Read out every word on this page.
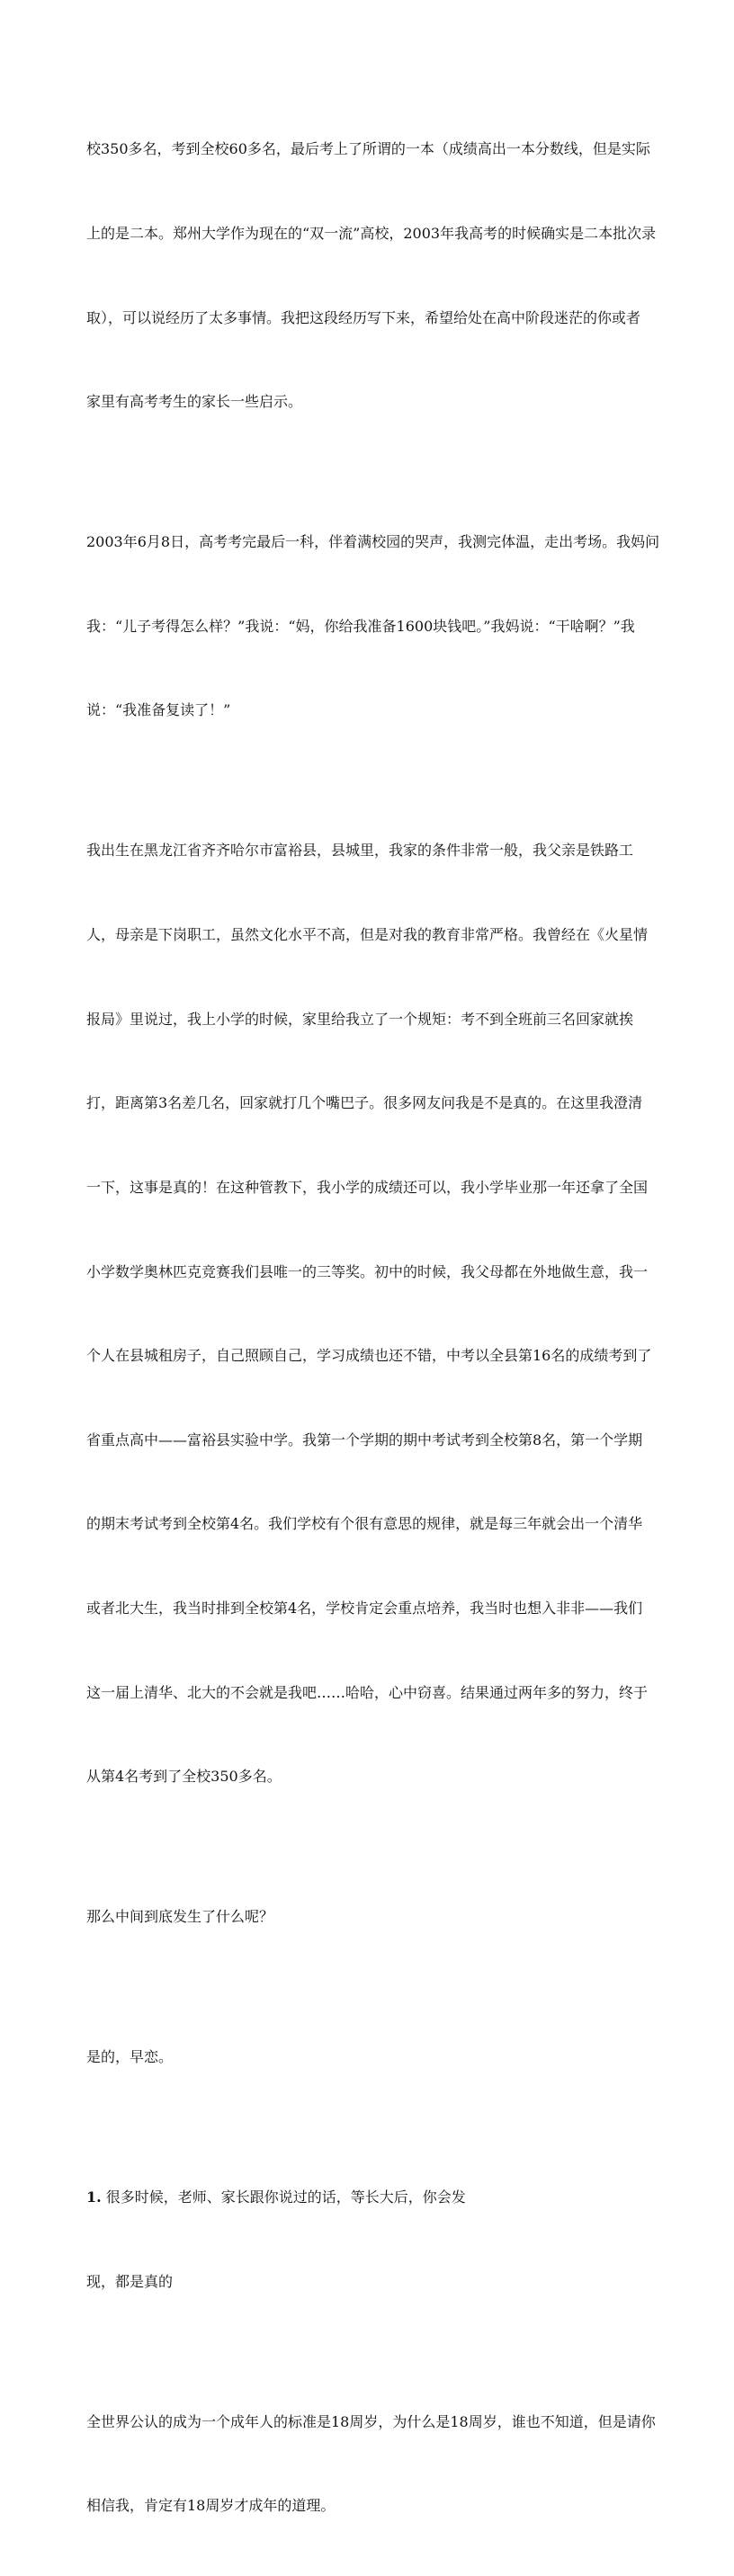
校350多名，考到全校60多名，最后考上了所谓的一本（成绩高出一本分数线，但是实际

上的是二本。郑州大学作为现在的“双一流”高校，2003年我高考的时候确实是二本批次录

取），可以说经历了太多事情。我把这段经历写下来，希望给处在高中阶段迷茫的你或者

家里有高考考生的家长一些启示。

2003年6月8日，高考考完最后一科，伴着满校园的哭声，我测完体温，走出考场。我妈问

我：“儿子考得怎么样？”我说：“妈，你给我准备1600块钱吧。”我妈说：“干啥啊？”我

说：“我准备复读了！”

我出生在黑龙江省齐齐哈尔市富裕县，县城里，我家的条件非常一般，我父亲是铁路工

人，母亲是下岗职工，虽然文化水平不高，但是对我的教育非常严格。我曾经在《火星情

报局》里说过，我上小学的时候，家里给我立了一个规矩：考不到全班前三名回家就挨

打，距离第3名差几名，回家就打几个嘴巴子。很多网友问我是不是真的。在这里我澄清

一下，这事是真的！在这种管教下，我小学的成绩还可以，我小学毕业那一年还拿了全国

小学数学奥林匹克竞赛我们县唯一的三等奖。初中的时候，我父母都在外地做生意，我一

个人在县城租房子，自己照顾自己，学习成绩也还不错，中考以全县第16名的成绩考到了

省重点高中——富裕县实验中学。我第一个学期的期中考试考到全校第8名，第一个学期

的期末考试考到全校第4名。我们学校有个很有意思的规律，就是每三年就会出一个清华

或者北大生，我当时排到全校第4名，学校肯定会重点培养，我当时也想入非非——我们

这一届上清华、北大的不会就是我吧……哈哈，心中窃喜。结果通过两年多的努力，终于

从第4名考到了全校350多名。

那么中间到底发生了什么呢？

是的，早恋。

1. 很多时候，老师、家长跟你说过的话，等长大后，你会发

现，都是真的

全世界公认的成为一个成年人的标准是18周岁，为什么是18周岁，谁也不知道，但是请你

相信我，肯定有18周岁才成年的道理。
